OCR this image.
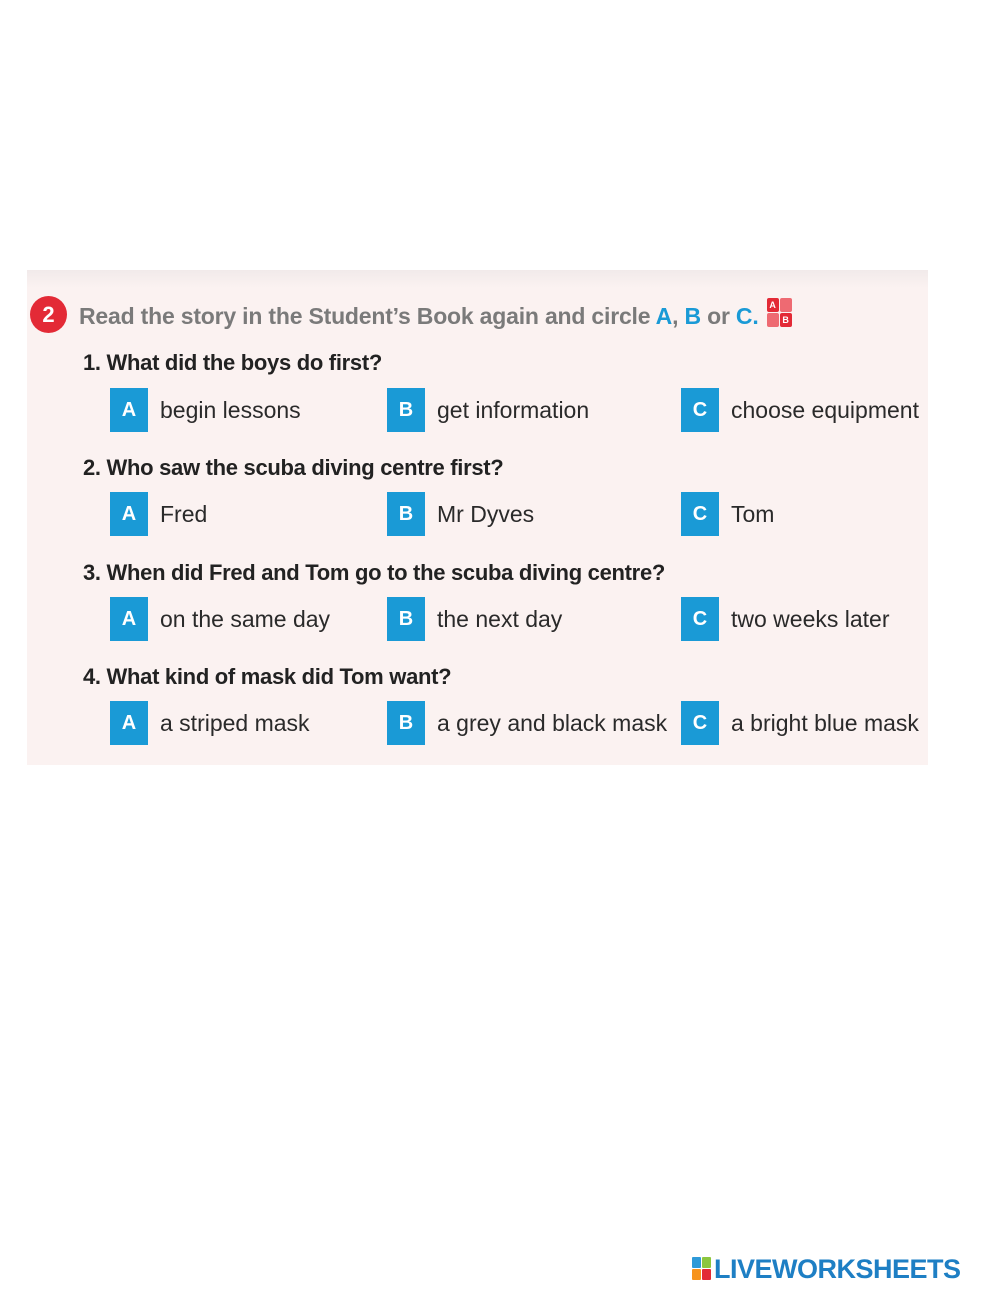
2	Read the story in the Student’s Book again and circle A, B or C.	A
B
1. What did the boys do first?
A	begin lessons	B	get information	C	choose equipment
2. Who saw the scuba diving centre first?
A	Fred	B	Mr Dyves	C	Tom
3. When did Fred and Tom go to the scuba diving centre?
A	on the same day	B	the next day	C	two weeks later
4. What kind of mask did Tom want?
A	a striped mask	B	a grey and black mask	C	a bright blue mask
LIVEWORKSHEETS
